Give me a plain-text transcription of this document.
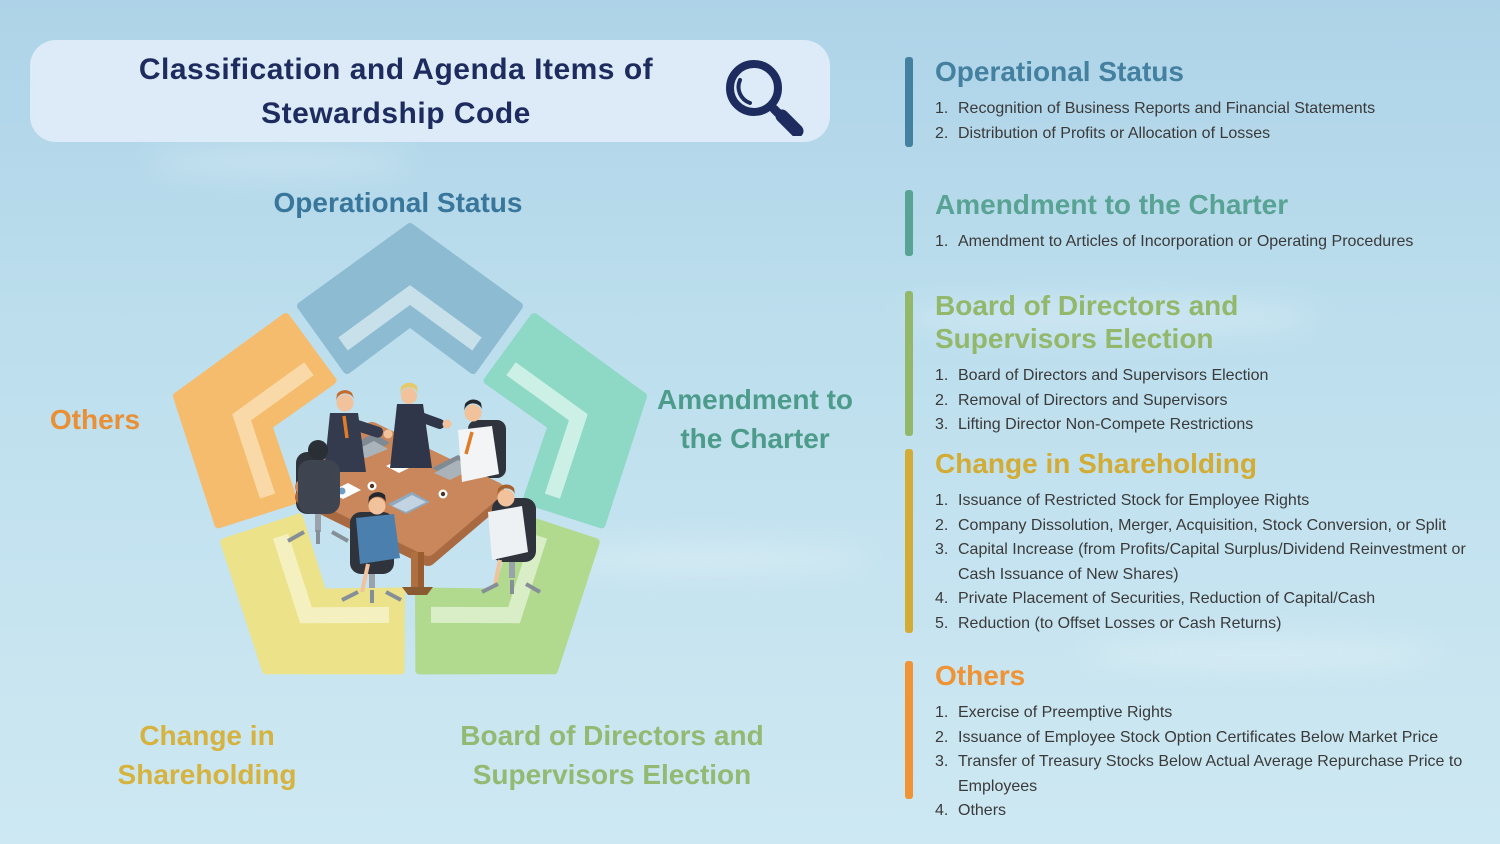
Classification and Agenda Items of
Stewardship Code
Operational Status
Amendment to
the Charter
Others
Change in
Shareholding
Board of Directors and
Supervisors Election
Operational Status
Recognition of Business Reports and Financial Statements
Distribution of Profits or Allocation of Losses
Amendment to the Charter
Amendment to Articles of Incorporation or Operating Procedures
Board of Directors and Supervisors Election
Board of Directors and Supervisors Election
Removal of Directors and Supervisors
Lifting Director Non-Compete Restrictions
Change in Shareholding
Issuance of Restricted Stock for Employee Rights
Company Dissolution, Merger, Acquisition, Stock Conversion, or Split
Capital Increase (from Profits/Capital Surplus/Dividend Reinvestment or Cash Issuance of New Shares)
Private Placement of Securities, Reduction of Capital/Cash
Reduction (to Offset Losses or Cash Returns)
Others
Exercise of Preemptive Rights
Issuance of Employee Stock Option Certificates Below Market Price
Transfer of Treasury Stocks Below Actual Average Repurchase Price to Employees
Others
